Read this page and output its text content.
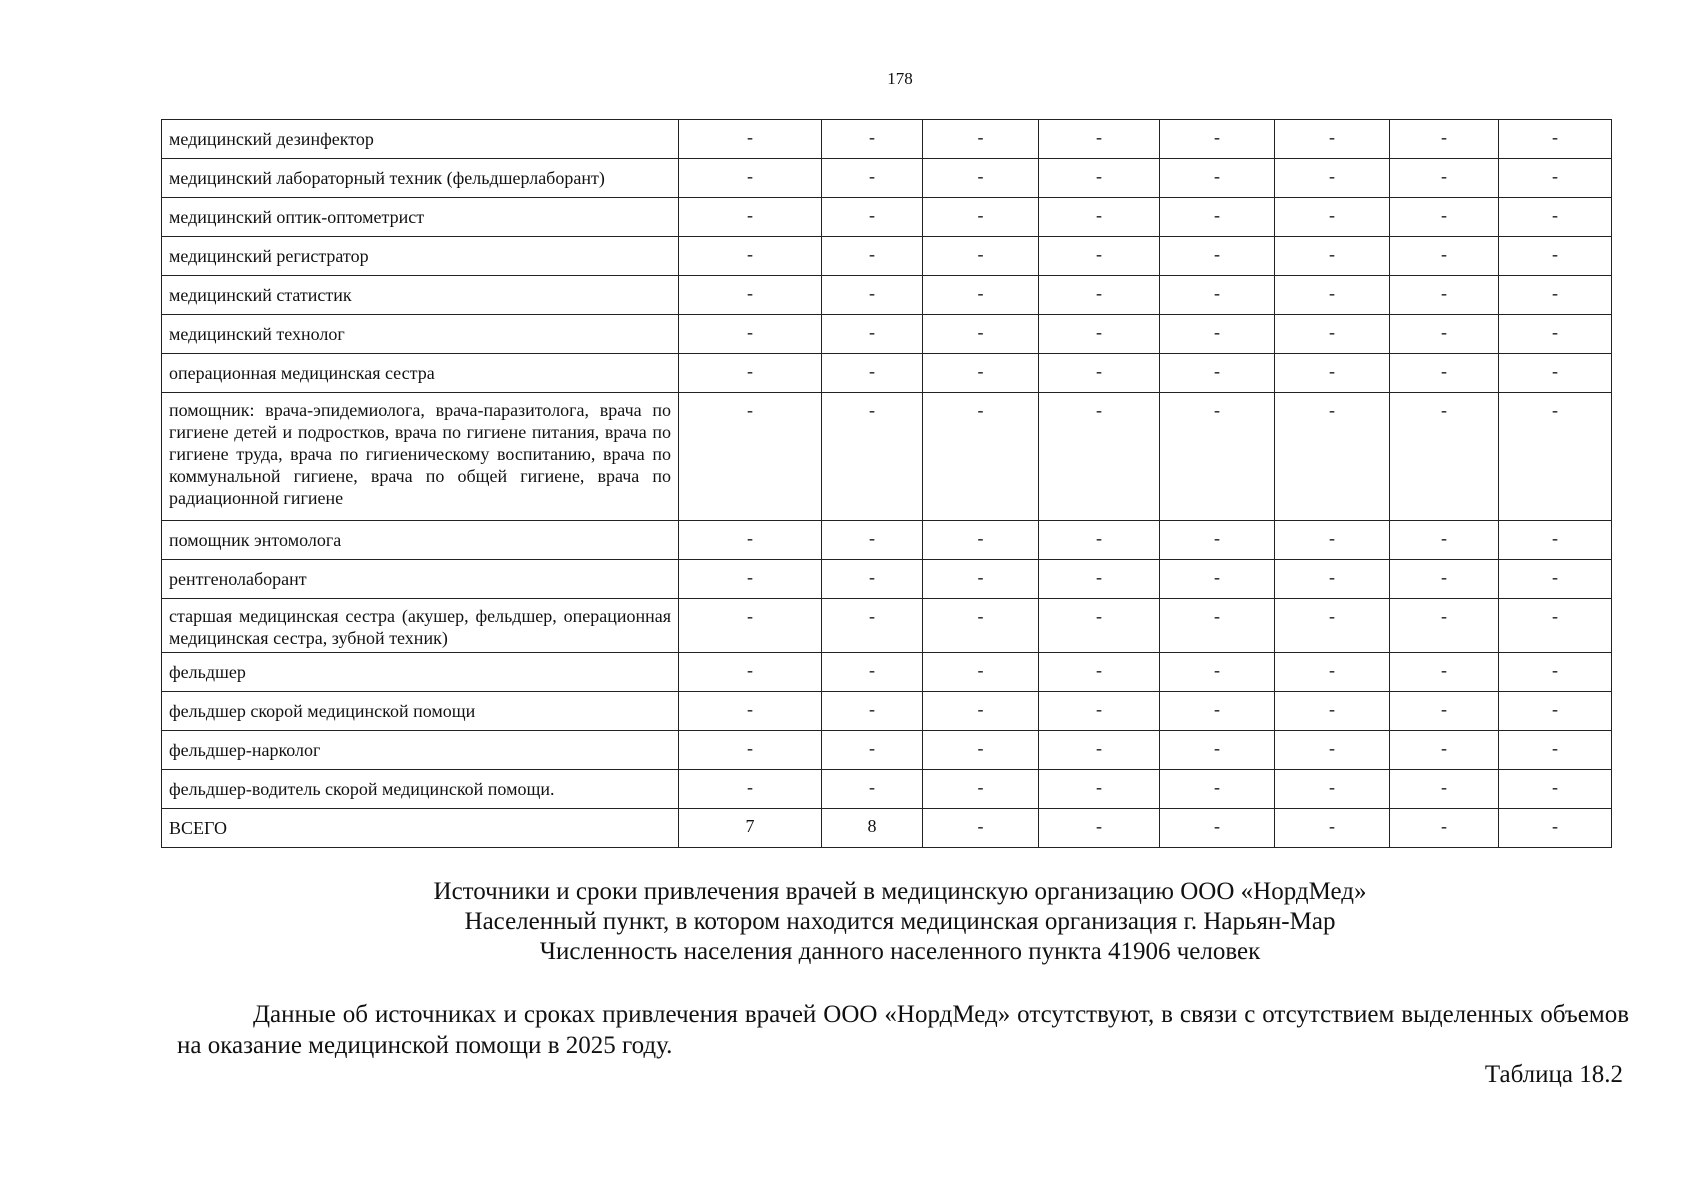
178
медицинский дезинфектор	-	-	-	-	-	-	-	-
медицинский лабораторный техник (фельдшерлаборант)	-	-	-	-	-	-	-	-
медицинский оптик-оптометрист	-	-	-	-	-	-	-	-
медицинский регистратор	-	-	-	-	-	-	-	-
медицинский статистик	-	-	-	-	-	-	-	-
медицинский технолог	-	-	-	-	-	-	-	-
операционная медицинская сестра	-	-	-	-	-	-	-	-
помощник: врача-эпидемиолога, врача-паразитолога, врача по гигиене детей и подростков, врача по гигиене питания, врача по гигиене труда, врача по гигиеническому воспитанию, врача по коммунальной гигиене, врача по общей гигиене, врача по радиационной гигиене	-	-	-	-	-	-	-	-
помощник энтомолога	-	-	-	-	-	-	-	-
рентгенолаборант	-	-	-	-	-	-	-	-
старшая медицинская сестра (акушер, фельдшер, операционная медицинская сестра, зубной техник)	-	-	-	-	-	-	-	-
фельдшер	-	-	-	-	-	-	-	-
фельдшер скорой медицинской помощи	-	-	-	-	-	-	-	-
фельдшер-нарколог	-	-	-	-	-	-	-	-
фельдшер-водитель скорой медицинской помощи.	-	-	-	-	-	-	-	-
ВСЕГО	7	8	-	-	-	-	-	-
Источники и сроки привлечения врачей в медицинскую организацию ООО «НордМед»
Населенный пункт, в котором находится медицинская организация г. Нарьян-Мар
Численность населения данного населенного пункта 41906 человек
Данные об источниках и сроках привлечения врачей ООО «НордМед» отсутствуют, в связи с отсутствием выделенных объемов на оказание медицинской помощи в 2025 году.
Таблица 18.2
